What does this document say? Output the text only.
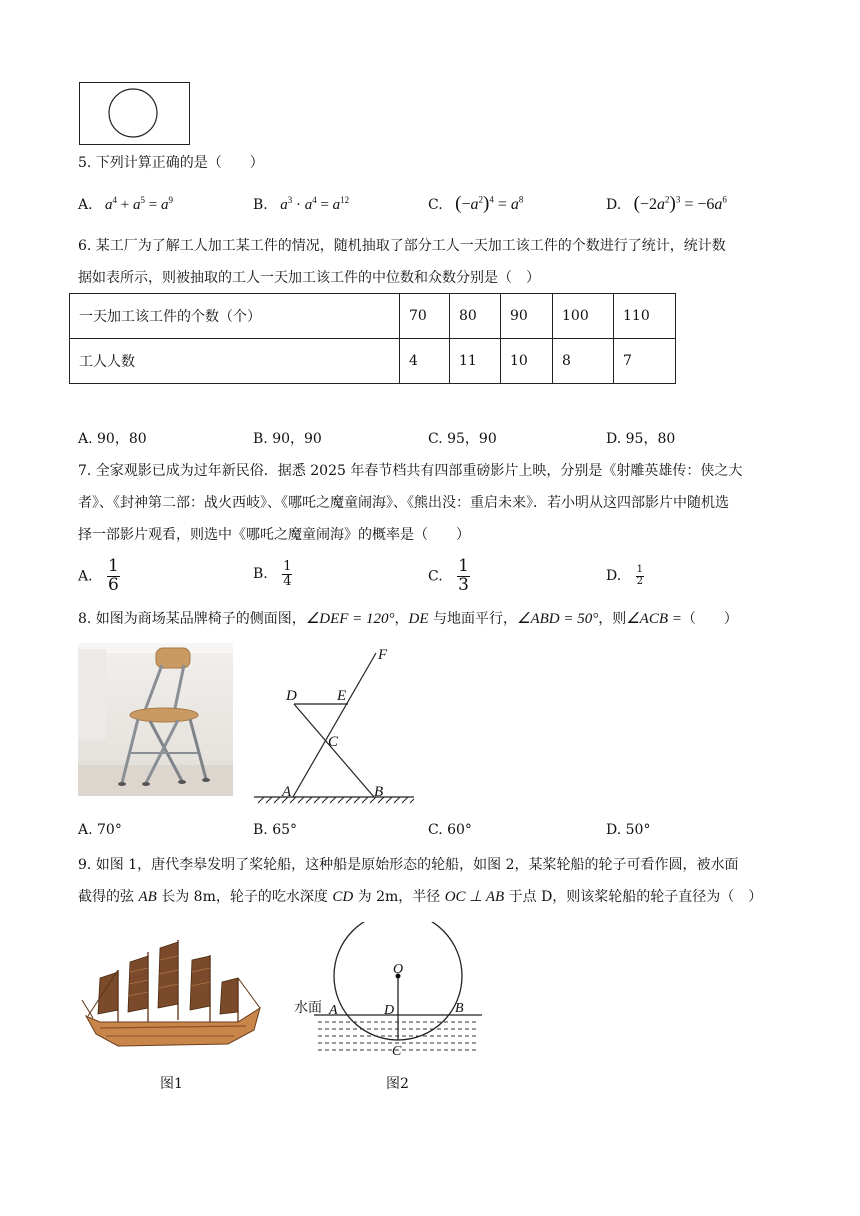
5. 下列计算正确的是（　　）
A. $a^4 + a^5 = a^9$	B. $a^3 \cdot a^4 = a^{12}$	C. $(-a^2)^4 = a^8$	D. $(-2a^2)^3 = -6a^6$
6. 某工厂为了解工人加工某工件的情况，随机抽取了部分工人一天加工该工件的个数进行了统计，统计数
据如表所示，则被抽取的工人一天加工该工件的中位数和众数分别是（　）
一天加工该工件的个数（个）	70	80	90	100	110
工人人数	4	11	10	8	7
A. 90，80	B. 90，90	C. 95，90	D. 95，80
7. 全家观影已成为过年新民俗．据悉 2025 年春节档共有四部重磅影片上映，分别是《射雕英雄传：侠之大
者》、《封神第二部：战火西岐》、《哪吒之魔童闹海》、《熊出没：重启未来》．若小明从这四部影片中随机选
择一部影片观看，则选中《哪吒之魔童闹海》的概率是（　　）
A. $\frac{1}{6}$	B. $\frac{1}{4}$	C. $\frac{1}{3}$	D. $\frac{1}{2}$
8. 如图为商场某品牌椅子的侧面图，∠DEF = 120°，DE 与地面平行，∠ABD = 50°，则∠ACB =（　　）
F
D	E
C
A	B
A. 70°	B. 65°	C. 60°	D. 50°
9. 如图 1，唐代李皋发明了桨轮船，这种船是原始形态的轮船，如图 2，某桨轮船的轮子可看作圆，被水面
截得的弦 AB 长为 8m，轮子的吃水深度 CD 为 2m，半径 OC ⊥ AB 于点 D，则该桨轮船的轮子直径为（　）
O
A	D	B
C
水面
图1	图2
